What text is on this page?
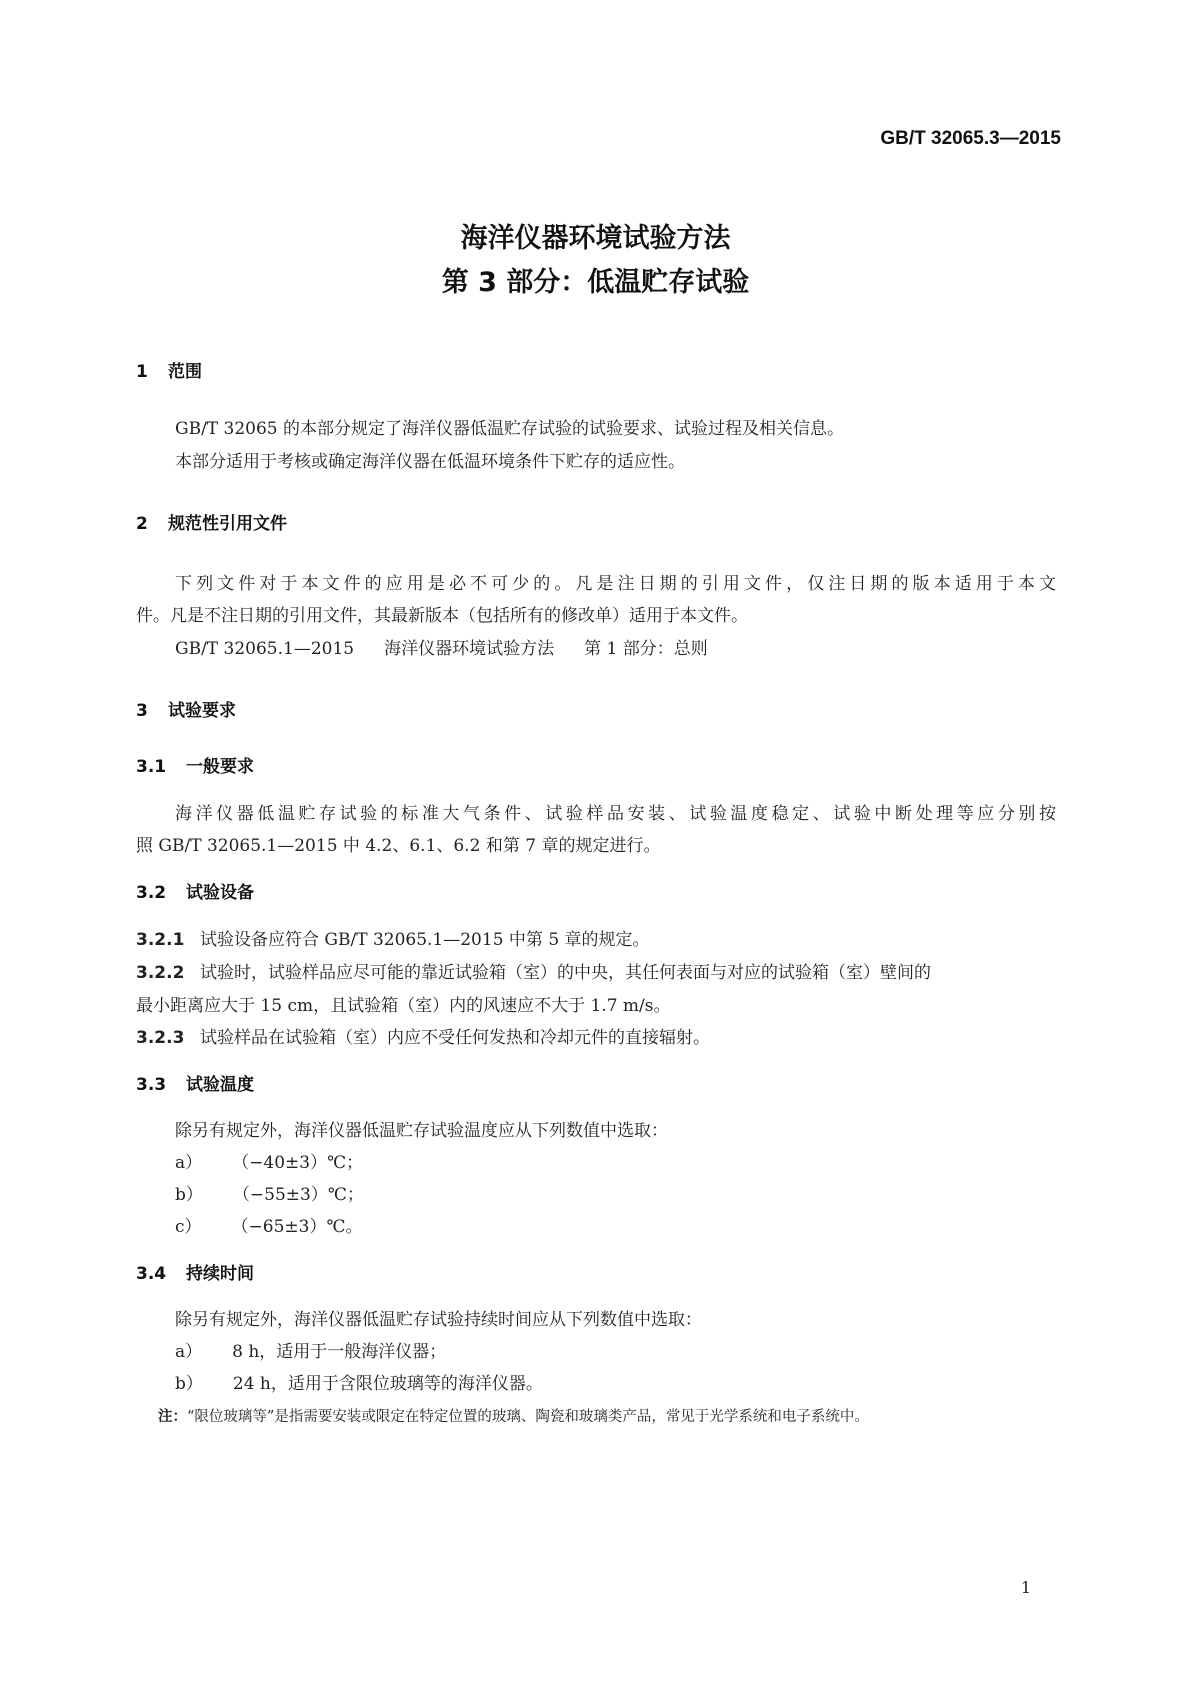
GB/T 32065.3—2015
海洋仪器环境试验方法
第 3 部分：低温贮存试验
1 范围
GB/T 32065 的本部分规定了海洋仪器低温贮存试验的试验要求、试验过程及相关信息。
本部分适用于考核或确定海洋仪器在低温环境条件下贮存的适应性。
2 规范性引用文件
下列文件对于本文件的应用是必不可少的。凡是注日期的引用文件，仅注日期的版本适用于本文
件。凡是不注日期的引用文件，其最新版本（包括所有的修改单）适用于本文件。
GB/T 32065.1—2015 海洋仪器环境试验方法 第 1 部分：总则
3 试验要求
3.1 一般要求
海洋仪器低温贮存试验的标准大气条件、试验样品安装、试验温度稳定、试验中断处理等应分别按
照 GB/T 32065.1—2015 中 4.2、6.1、6.2 和第 7 章的规定进行。
3.2 试验设备
3.2.1 试验设备应符合 GB/T 32065.1—2015 中第 5 章的规定。
3.2.2 试验时，试验样品应尽可能的靠近试验箱（室）的中央，其任何表面与对应的试验箱（室）壁间的
最小距离应大于 15 cm，且试验箱（室）内的风速应不大于 1.7 m/s。
3.2.3 试验样品在试验箱（室）内应不受任何发热和冷却元件的直接辐射。
3.3 试验温度
除另有规定外，海洋仪器低温贮存试验温度应从下列数值中选取：
a） （−40±3）℃；
b） （−55±3）℃；
c） （−65±3）℃。
3.4 持续时间
除另有规定外，海洋仪器低温贮存试验持续时间应从下列数值中选取：
a） 8 h，适用于一般海洋仪器；
b） 24 h，适用于含限位玻璃等的海洋仪器。
注：“限位玻璃等”是指需要安装或限定在特定位置的玻璃、陶瓷和玻璃类产品，常见于光学系统和电子系统中。
1
